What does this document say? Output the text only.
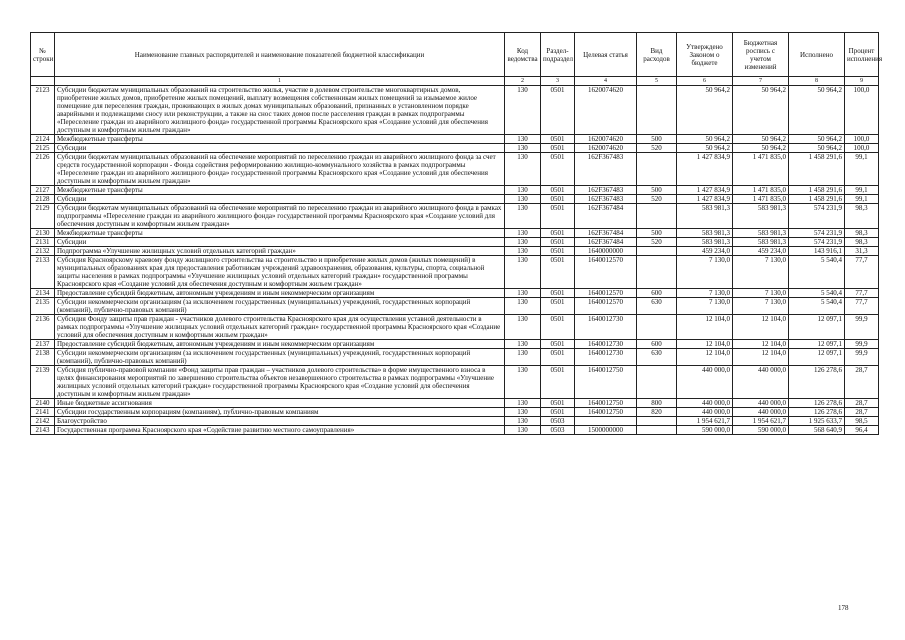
№ строки	Наименование главных распорядителей и наименование показателей бюджетной классификации	Код ведомства	Раздел-подраздел	Целевая статья	Вид расходов	Утверждено Законом о бюджете	Бюджетная роспись с учетом изменений	Исполнено	Процент исполнения
	1	2	3	4	5	6	7	8	9
2123	Субсидии бюджетам муниципальных образований на строительство жилья, участие в долевом строительстве многоквартирных домов, приобретение жилых домов, приобретение жилых помещений, выплату возмещения собственникам жилых помещений за изымаемое жилое помещение для переселения граждан, проживающих в жилых домах муниципальных образований, признанных в установленном порядке аварийными и подлежащими сносу или реконструкции, а также на снос таких домов после расселения граждан в рамках подпрограммы «Переселение граждан из аварийного жилищного фонда» государственной программы Красноярского края «Создание условий для обеспечения доступным и комфортным жильем граждан»	130	0501	1620074620		50 964,2	50 964,2	50 964,2	100,0
2124	Межбюджетные трансферты	130	0501	1620074620	500	50 964,2	50 964,2	50 964,2	100,0
2125	Субсидии	130	0501	1620074620	520	50 964,2	50 964,2	50 964,2	100,0
2126	Субсидии бюджетам муниципальных образований на обеспечение мероприятий по переселению граждан из аварийного жилищного фонда за счет средств государственной корпорации - Фонда содействия реформированию жилищно-коммунального хозяйства в рамках подпрограммы «Переселение граждан из аварийного жилищного фонда» государственной программы Красноярского края «Создание условий для обеспечения доступным и комфортным жильем граждан»	130	0501	162F367483		1 427 834,9	1 471 835,0	1 458 291,6	99,1
2127	Межбюджетные трансферты	130	0501	162F367483	500	1 427 834,9	1 471 835,0	1 458 291,6	99,1
2128	Субсидии	130	0501	162F367483	520	1 427 834,9	1 471 835,0	1 458 291,6	99,1
2129	Субсидии бюджетам муниципальных образований на обеспечение мероприятий по переселению граждан из аварийного жилищного фонда в рамках подпрограммы «Переселение граждан из аварийного жилищного фонда» государственной программы Красноярского края «Создание условий для обеспечения доступным и комфортным жильем граждан»	130	0501	162F367484		583 981,3	583 981,3	574 231,9	98,3
2130	Межбюджетные трансферты	130	0501	162F367484	500	583 981,3	583 981,3	574 231,9	98,3
2131	Субсидии	130	0501	162F367484	520	583 981,3	583 981,3	574 231,9	98,3
2132	Подпрограмма «Улучшение жилищных условий отдельных категорий граждан»	130	0501	1640000000		459 234,0	459 234,0	143 916,1	31,3
2133	Субсидия Красноярскому краевому фонду жилищного строительства на строительство и приобретение жилых домов (жилых помещений) в муниципальных образованиях края для предоставления работникам учреждений здравоохранения, образования, культуры, спорта, социальной защиты населения в рамках подпрограммы «Улучшение жилищных условий отдельных категорий граждан» государственной программы Красноярского края «Создание условий для обеспечения доступным и комфортным жильем граждан»	130	0501	1640012570		7 130,0	7 130,0	5 540,4	77,7
2134	Предоставление субсидий бюджетным, автономным учреждениям и иным некоммерческим организациям	130	0501	1640012570	600	7 130,0	7 130,0	5 540,4	77,7
2135	Субсидии некоммерческим организациям (за исключением государственных (муниципальных) учреждений, государственных корпораций (компаний), публично-правовых компаний)	130	0501	1640012570	630	7 130,0	7 130,0	5 540,4	77,7
2136	Субсидия Фонду защиты прав граждан - участников долевого строительства Красноярского края для осуществления уставной деятельности в рамках подпрограммы «Улучшение жилищных условий отдельных категорий граждан» государственной программы Красноярского края «Создание условий для обеспечения доступным и комфортным жильем граждан»	130	0501	1640012730		12 104,0	12 104,0	12 097,1	99,9
2137	Предоставление субсидий бюджетным, автономным учреждениям и иным некоммерческим организациям	130	0501	1640012730	600	12 104,0	12 104,0	12 097,1	99,9
2138	Субсидии некоммерческим организациям (за исключением государственных (муниципальных) учреждений, государственных корпораций (компаний), публично-правовых компаний)	130	0501	1640012730	630	12 104,0	12 104,0	12 097,1	99,9
2139	Субсидия публично-правовой компании «Фонд защиты прав граждан – участников долевого строительства» в форме имущественного взноса в целях финансирования мероприятий по завершению строительства объектов незавершенного строительства в рамках подпрограммы «Улучшение жилищных условий отдельных категорий граждан» государственной программы Красноярского края «Создание условий для обеспечения доступным и комфортным жильем граждан»	130	0501	1640012750		440 000,0	440 000,0	126 278,6	28,7
2140	Иные бюджетные ассигнования	130	0501	1640012750	800	440 000,0	440 000,0	126 278,6	28,7
2141	Субсидии государственным корпорациям (компаниям), публично-правовым компаниям	130	0501	1640012750	820	440 000,0	440 000,0	126 278,6	28,7
2142	Благоустройство	130	0503			1 954 621,7	1 954 621,7	1 925 633,7	98,5
2143	Государственная программа Красноярского края «Содействие развитию местного самоуправления»	130	0503	1500000000		590 000,0	590 000,0	568 640,9	96,4
178
